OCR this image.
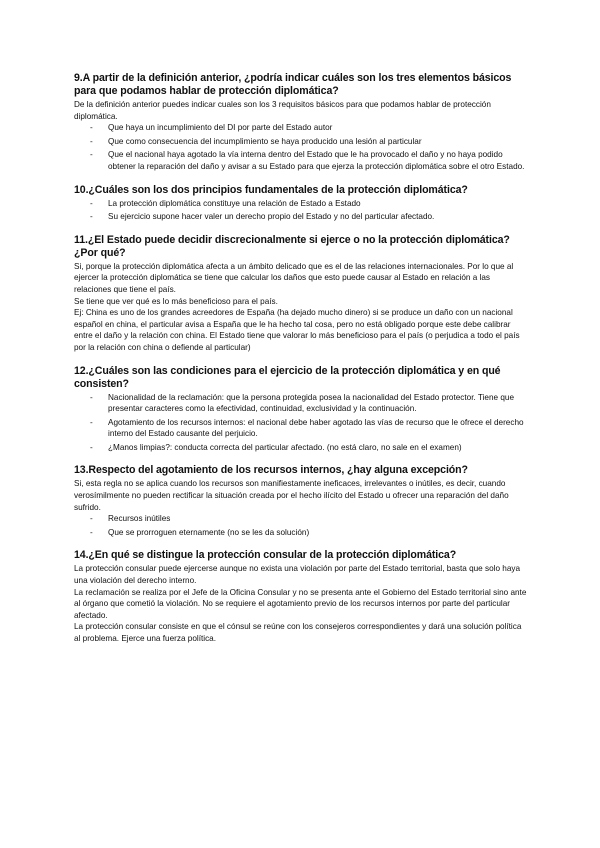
9.A partir de la definición anterior, ¿podría indicar cuáles son los tres elementos básicos para que podamos hablar de protección diplomática?

De la definición anterior puedes indicar cuales son los 3 requisitos básicos para que podamos hablar de protección diplomática.

- Que haya un incumplimiento del DI por parte del Estado autor
- Que como consecuencia del incumplimiento se haya producido una lesión al particular
- Que el nacional haya agotado la vía interna dentro del Estado que le ha provocado el daño y no haya podido obtener la reparación del daño y avisar a su Estado para que ejerza la protección diplomática sobre el otro Estado.
10.¿Cuáles son los dos principios fundamentales de la protección diplomática?
- La protección diplomática constituye una relación de Estado a Estado
- Su ejercicio supone hacer valer un derecho propio del Estado y no del particular afectado.
11.¿El Estado puede decidir discrecionalmente si ejerce o no la protección diplomática? ¿Por qué?

Si, porque la protección diplomática afecta a un ámbito delicado que es el de las relaciones internacionales. Por lo que al ejercer la protección diplomática se tiene que calcular los daños que esto puede causar al Estado en relación a las relaciones que tiene el país.

Se tiene que ver qué es lo más beneficioso para el país.

Ej: China es uno de los grandes acreedores de España (ha dejado mucho dinero) si se produce un daño con un nacional español en china, el particular avisa a España que le ha hecho tal cosa, pero no está obligado porque este debe calibrar entre el daño y la relación con china. El Estado tiene que valorar lo más beneficioso para el país (o perjudica a todo el país por la relación con china o defiende al particular)

12.¿Cuáles son las condiciones para el ejercicio de la protección diplomática y en qué consisten?
- Nacionalidad de la reclamación: que la persona protegida posea la nacionalidad del Estado protector. Tiene que presentar caracteres como la efectividad, continuidad, exclusividad y la continuación.
- Agotamiento de los recursos internos: el nacional debe haber agotado las vías de recurso que le ofrece el derecho interno del Estado causante del perjuicio.
- ¿Manos limpias?: conducta correcta del particular afectado. (no está claro, no sale en el examen)
13.Respecto del agotamiento de los recursos internos, ¿hay alguna excepción?

Si, esta regla no se aplica cuando los recursos son manifiestamente ineficaces, irrelevantes o inútiles, es decir, cuando verosímilmente no pueden rectificar la situación creada por el hecho ilícito del Estado u ofrecer una reparación del daño sufrido.

- Recursos inútiles
- Que se prorroguen eternamente (no se les da solución)
14.¿En qué se distingue la protección consular de la protección diplomática?

La protección consular puede ejercerse aunque no exista una violación por parte del Estado territorial, basta que solo haya una violación del derecho interno.

La reclamación se realiza por el Jefe de la Oficina Consular y no se presenta ante el Gobierno del Estado territorial sino ante al órgano que cometió la violación. No se requiere el agotamiento previo de los recursos internos por parte del particular afectado.

La protección consular consiste en que el cónsul se reúne con los consejeros correspondientes y dará una solución política al problema. Ejerce una fuerza política.
